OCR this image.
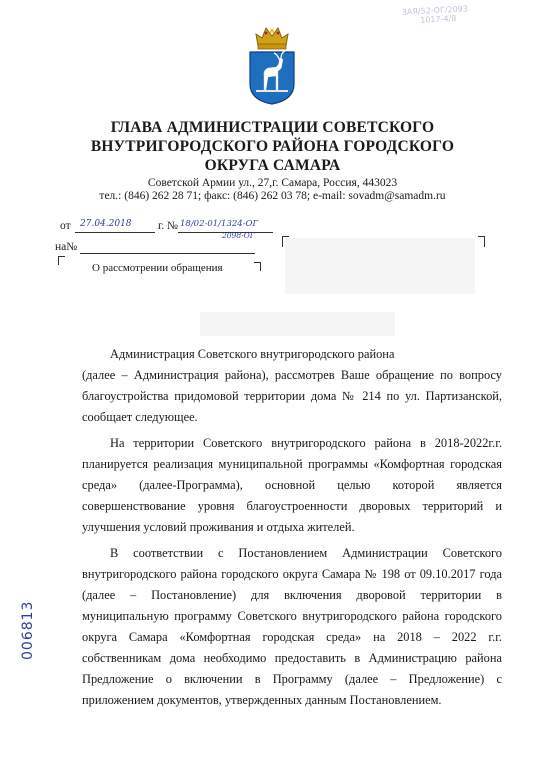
3АЯ/52-ОГ/2093
1017-4/8
ГЛАВА АДМИНИСТРАЦИИ СОВЕТСКОГО
ВНУТРИГОРОДСКОГО РАЙОНА ГОРОДСКОГО
ОКРУГА САМАРА
Советской Армии ул., 27,г. Самара, Россия, 443023
тел.: (846) 262 28 71; факс: (846) 262 03 78; e-mail: sovadm@samadm.ru
от 27.04.2018 г. № 18/02-01/1324-ОГ
2098-ОГ
на№
О рассмотрении обращения

Администрация Советского внутригородского района

(далее – Администрация района), рассмотрев Ваше обращение по вопросу благоустройства придомовой территории дома № 214 по ул. Партизанской, сообщает следующее.

На территории Советского внутригородского района в 2018-2022г.г. планируется реализация муниципальной программы «Комфортная городская среда» (далее-Программа), основной целью которой является совершенствование уровня благоустроенности дворовых территорий и улучшения условий проживания и отдыха жителей.

В соответствии с Постановлением Администрации Советского внутригородского района городского округа Самара № 198 от 09.10.2017 года (далее – Постановление) для включения дворовой территории в муниципальную программу Советского внутригородского района городского округа Самара «Комфортная городская среда» на 2018 – 2022 г.г. собственникам дома необходимо предоставить в Администрацию района Предложение о включении в Программу (далее – Предложение) с приложением документов, утвержденных данным Постановлением.

006813
